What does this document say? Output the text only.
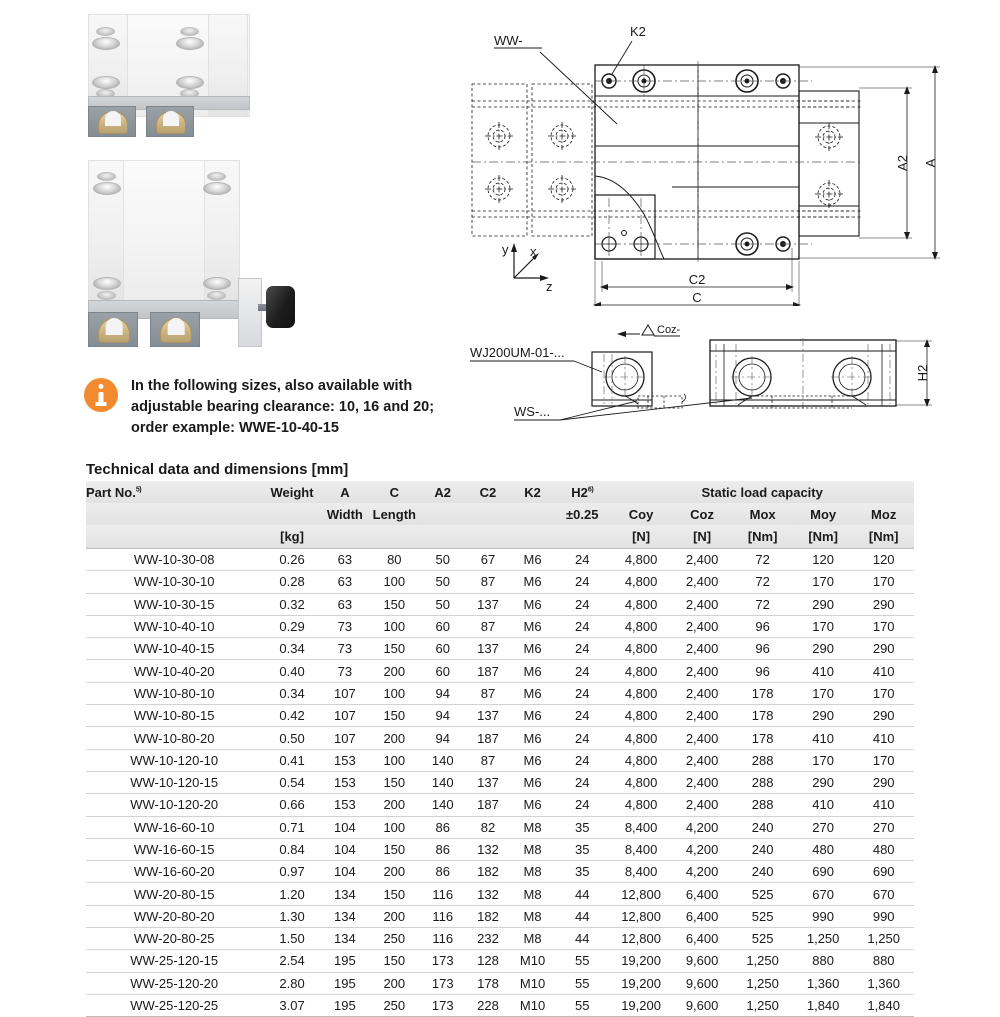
WW-
K2
A2 A
C2
C
y x
z
WJ200UM-01-...
WS-...
Coz-
H2
In the following sizes, also available with
adjustable bearing clearance: 10, 16 and 20;
order example: WWE-10-40-15
Technical data and dimensions [mm]
Part No.$^{5)}$	Weight	A	C	A2	C2	K2	H2$^{6)}$	Static load capacity				
		Width	Length				±0.25	Coy	Coz	Mox	Moy	Moz
	[kg]							[N]	[N]	[Nm]	[Nm]	[Nm]
WW-10-30-08	0.26	63	80	50	67	M6	24	4,800	2,400	72	120	120
WW-10-30-10	0.28	63	100	50	87	M6	24	4,800	2,400	72	170	170
WW-10-30-15	0.32	63	150	50	137	M6	24	4,800	2,400	72	290	290
WW-10-40-10	0.29	73	100	60	87	M6	24	4,800	2,400	96	170	170
WW-10-40-15	0.34	73	150	60	137	M6	24	4,800	2,400	96	290	290
WW-10-40-20	0.40	73	200	60	187	M6	24	4,800	2,400	96	410	410
WW-10-80-10	0.34	107	100	94	87	M6	24	4,800	2,400	178	170	170
WW-10-80-15	0.42	107	150	94	137	M6	24	4,800	2,400	178	290	290
WW-10-80-20	0.50	107	200	94	187	M6	24	4,800	2,400	178	410	410
WW-10-120-10	0.41	153	100	140	87	M6	24	4,800	2,400	288	170	170
WW-10-120-15	0.54	153	150	140	137	M6	24	4,800	2,400	288	290	290
WW-10-120-20	0.66	153	200	140	187	M6	24	4,800	2,400	288	410	410
WW-16-60-10	0.71	104	100	86	82	M8	35	8,400	4,200	240	270	270
WW-16-60-15	0.84	104	150	86	132	M8	35	8,400	4,200	240	480	480
WW-16-60-20	0.97	104	200	86	182	M8	35	8,400	4,200	240	690	690
WW-20-80-15	1.20	134	150	116	132	M8	44	12,800	6,400	525	670	670
WW-20-80-20	1.30	134	200	116	182	M8	44	12,800	6,400	525	990	990
WW-20-80-25	1.50	134	250	116	232	M8	44	12,800	6,400	525	1,250	1,250
WW-25-120-15	2.54	195	150	173	128	M10	55	19,200	9,600	1,250	880	880
WW-25-120-20	2.80	195	200	173	178	M10	55	19,200	9,600	1,250	1,360	1,360
WW-25-120-25	3.07	195	250	173	228	M10	55	19,200	9,600	1,250	1,840	1,840
